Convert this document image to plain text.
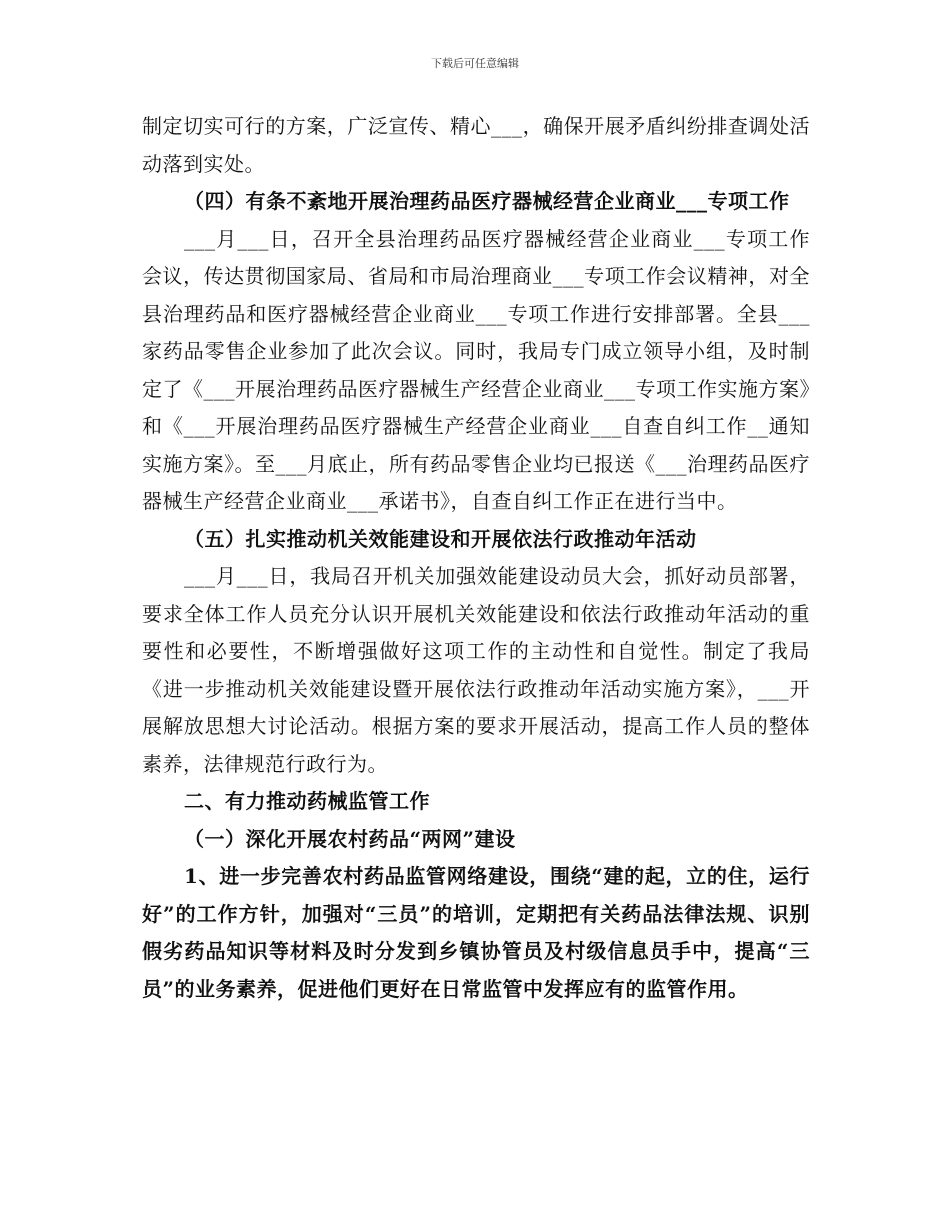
下载后可任意编辑

制定切实可行的方案，广泛宣传、精心___，确保开展矛盾纠纷排查调处活动落到实处。

（四）有条不紊地开展治理药品医疗器械经营企业商业___专项工作

___月___日，召开全县治理药品医疗器械经营企业商业___专项工作会议，传达贯彻国家局、省局和市局治理商业___专项工作会议精神，对全县治理药品和医疗器械经营企业商业___专项工作进行安排部署。全县___家药品零售企业参加了此次会议。同时，我局专门成立领导小组，及时制定了《___开展治理药品医疗器械生产经营企业商业___专项工作实施方案》和《___开展治理药品医疗器械生产经营企业商业___自查自纠工作__通知实施方案》。至___月底止，所有药品零售企业均已报送《___治理药品医疗器械生产经营企业商业___承诺书》，自查自纠工作正在进行当中。

（五）扎实推动机关效能建设和开展依法行政推动年活动

___月___日，我局召开机关加强效能建设动员大会，抓好动员部署，要求全体工作人员充分认识开展机关效能建设和依法行政推动年活动的重要性和必要性，不断增强做好这项工作的主动性和自觉性。制定了我局《进一步推动机关效能建设暨开展依法行政推动年活动实施方案》，___开展解放思想大讨论活动。根据方案的要求开展活动，提高工作人员的整体素养，法律规范行政行为。

二、有力推动药械监管工作

（一）深化开展农村药品“两网”建设

1、进一步完善农村药品监管网络建设，围绕“建的起，立的住，运行好”的工作方针，加强对“三员”的培训，定期把有关药品法律法规、识别假劣药品知识等材料及时分发到乡镇协管员及村级信息员手中，提高“三员”的业务素养，促进他们更好在日常监管中发挥应有的监管作用。
